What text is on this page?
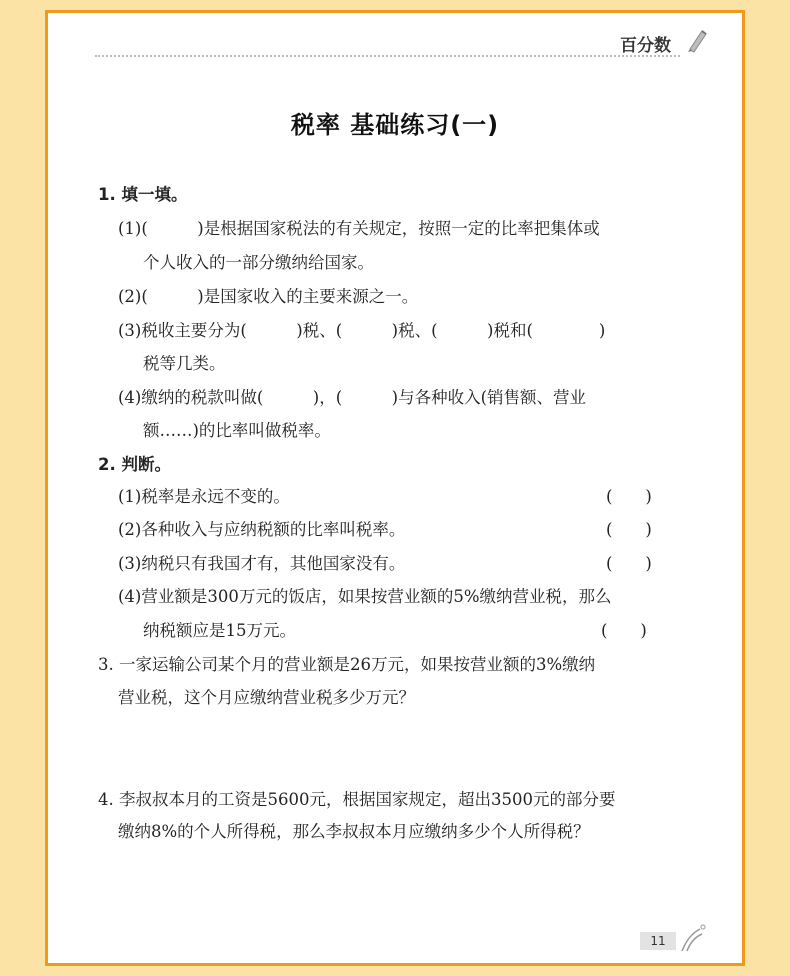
百分数
税率 基础练习(一)
1. 填一填。
(1)(　　　)是根据国家税法的有关规定，按照一定的比率把集体或
个人收入的一部分缴纳给国家。
(2)(　　　)是国家收入的主要来源之一。
(3)税收主要分为(　　　)税、(　　　)税、(　　　)税和(　　　　)
税等几类。
(4)缴纳的税款叫做(　　　)，(　　　)与各种收入(销售额、营业
额……)的比率叫做税率。
2. 判断。
(1)税率是永远不变的。	(　　)
(2)各种收入与应纳税额的比率叫税率。	(　　)
(3)纳税只有我国才有，其他国家没有。	(　　)
(4)营业额是300万元的饭店，如果按营业额的5%缴纳营业税，那么
纳税额应是15万元。	(　　)
3. 一家运输公司某个月的营业额是26万元，如果按营业额的3%缴纳
营业税，这个月应缴纳营业税多少万元？
4. 李叔叔本月的工资是5600元，根据国家规定，超出3500元的部分要
缴纳8%的个人所得税，那么李叔叔本月应缴纳多少个人所得税？
11
